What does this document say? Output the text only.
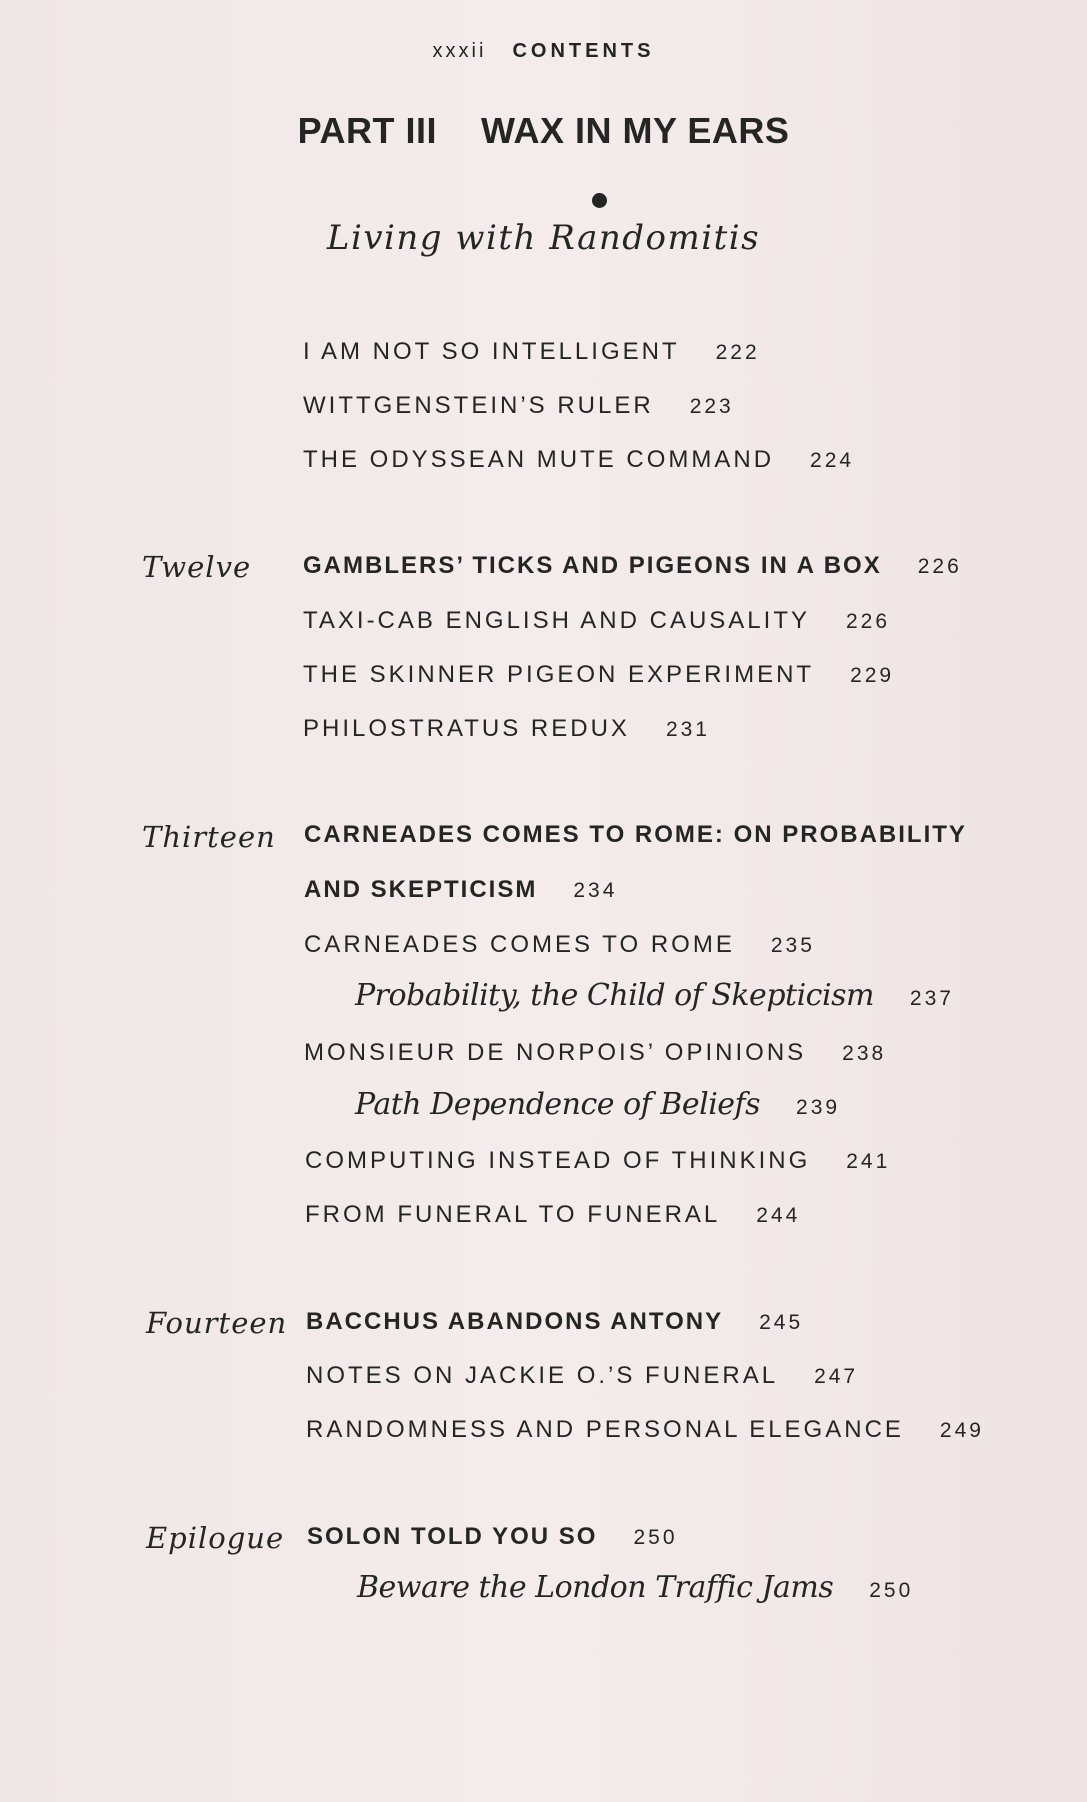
xxxii CONTENTS
PART III WAX IN MY EARS
Living with Randomitis
I AM NOT SO INTELLIGENT 222
WITTGENSTEIN’S RULER 223
THE ODYSSEAN MUTE COMMAND 224
Twelve GAMBLERS’ TICKS AND PIGEONS IN A BOX 226
TAXI-CAB ENGLISH AND CAUSALITY 226
THE SKINNER PIGEON EXPERIMENT 229
PHILOSTRATUS REDUX 231
Thirteen CARNEADES COMES TO ROME: ON PROBABILITY
AND SKEPTICISM 234
CARNEADES COMES TO ROME 235
Probability, the Child of Skepticism 237
MONSIEUR DE NORPOIS’ OPINIONS 238
Path Dependence of Beliefs 239
COMPUTING INSTEAD OF THINKING 241
FROM FUNERAL TO FUNERAL 244
Fourteen BACCHUS ABANDONS ANTONY 245
NOTES ON JACKIE O.’S FUNERAL 247
RANDOMNESS AND PERSONAL ELEGANCE 249
Epilogue SOLON TOLD YOU SO 250
Beware the London Traffic Jams 250
